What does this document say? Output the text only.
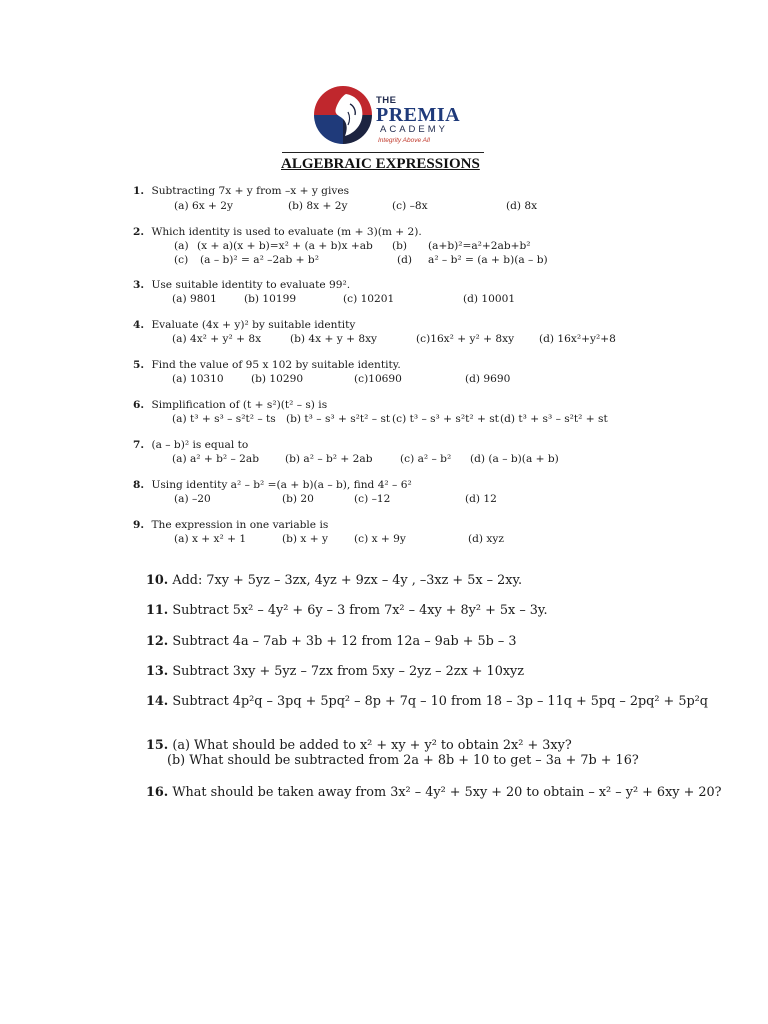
THE
PREMIA
ACADEMY
Integrity Above All
ALGEBRAIC EXPRESSIONS
1. Subtracting 7x + y from –x + y gives
(a) 6x + 2y	(b) 8x + 2y	(c) –8x	(d) 8x
2. Which identity is used to evaluate (m + 3)(m + 2).
(a) (x + a)(x + b)=x² + (a + b)x +ab (b) (a+b)²=a²+2ab+b²
(c) (a – b)² = a² –2ab + b²	(d) a² – b² = (a + b)(a – b)
3. Use suitable identity to evaluate 99².
(a) 9801	(b) 10199	(c) 10201	(d) 10001
4. Evaluate (4x + y)² by suitable identity
(a) 4x² + y² + 8x	(b) 4x + y + 8xy	(c)16x² + y² + 8xy (d) 16x²+y²+8
5. Find the value of 95 x 102 by suitable identity.
(a) 10310	(b) 10290	(c)10690	(d) 9690
6. Simplification of (t + s²)(t² – s) is
(a) t³ + s³ – s²t² – ts (b) t³ – s³ + s²t² – st (c) t³ – s³ + s²t² + st (d) t³ + s³ – s²t² + st
7. (a – b)² is equal to
(a) a² + b² – 2ab (b) a² – b² + 2ab	(c) a² – b² (d) (a – b)(a + b)
8. Using identity a² – b² =(a + b)(a – b), find 4² – 6²
(a) –20	(b) 20	(c) –12	(d) 12
9. The expression in one variable is
(a) x + x² + 1	(b) x + y (c) x + 9y	(d) xyz
10. Add: 7xy + 5yz – 3zx, 4yz + 9zx – 4y , –3xz + 5x – 2xy.
11. Subtract 5x² – 4y² + 6y – 3 from 7x² – 4xy + 8y² + 5x – 3y.
12. Subtract 4a – 7ab + 3b + 12 from 12a – 9ab + 5b – 3
13. Subtract 3xy + 5yz – 7zx from 5xy – 2yz – 2zx + 10xyz
14. Subtract 4p²q – 3pq + 5pq² – 8p + 7q – 10 from 18 – 3p – 11q + 5pq – 2pq² + 5p²q
15. (a) What should be added to x² + xy + y² to obtain 2x² + 3xy?
(b) What should be subtracted from 2a + 8b + 10 to get – 3a + 7b + 16?
16. What should be taken away from 3x² – 4y² + 5xy + 20 to obtain – x² – y² + 6xy + 20?
